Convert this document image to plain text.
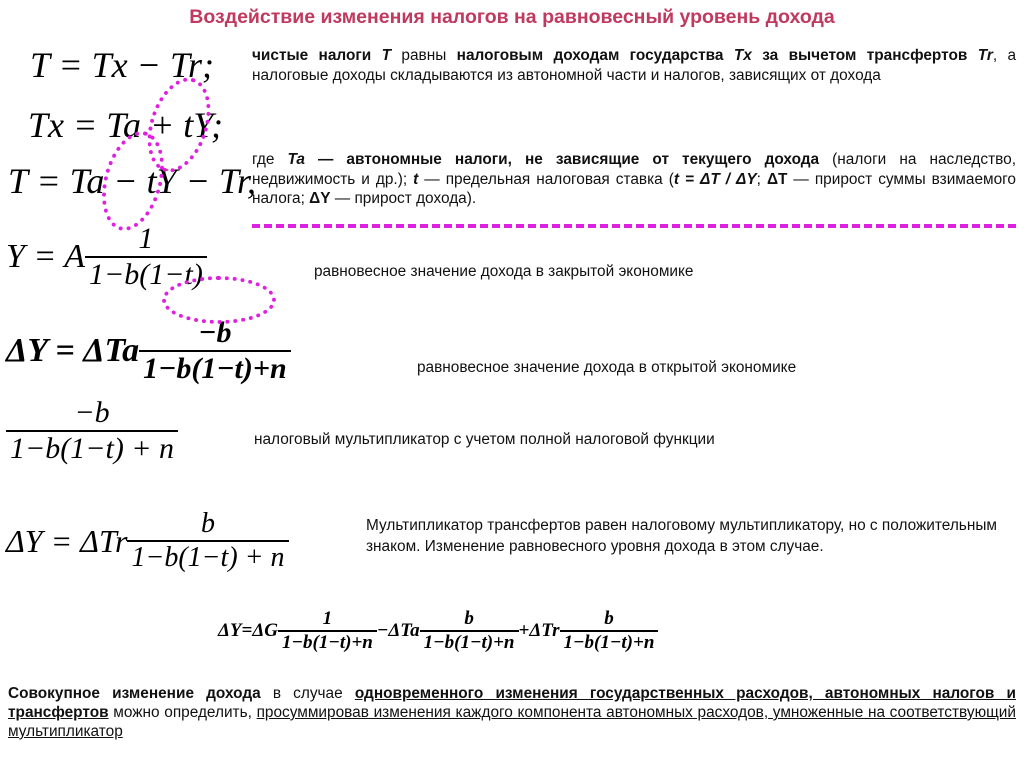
Воздействие изменения налогов на равновесный уровень дохода
T = Tx − Tr;
Tx = Ta + tY;
T = Ta − tY − Tr,
Y = A $\frac{1}{1-b(1-t)}$
ΔY = ΔTa $\frac{-b}{1-b(1-t)+n}$
$\frac{-b}{1-b(1-t) + n}$
ΔY = ΔTr $\frac{b}{1-b(1-t) + n}$
$\Delta Y=\Delta G \frac{1}{1-b(1-t)+n} -\Delta Ta \frac{b}{1-b(1-t)+n} +\Delta Tr \frac{b}{1-b(1-t)+n}$
чистые налоги T равны налоговым доходам государства Tx за вычетом трансфертов Tr, а налоговые доходы складываются из автономной части и налогов, зависящих от дохода
где Ta — автономные налоги, не зависящие от текущего дохода (налоги на наследство, недвижимость и др.); t — предельная налоговая ставка (t = ΔT / ΔY; ΔT — прирост суммы взимаемого налога; ΔY — прирост дохода).
равновесное значение дохода в закрытой экономике
равновесное значение дохода в открытой экономике
налоговый мультипликатор с учетом полной налоговой функции
Мультипликатор трансфертов равен налоговому мультипликатору, но с положительным знаком. Изменение равновесного уровня дохода в этом случае.
Совокупное изменение дохода в случае одновременного изменения государственных расходов, автономных налогов и трансфертов можно определить, просуммировав изменения каждого компонента автономных расходов, умноженные на соответствующий мультипликатор
